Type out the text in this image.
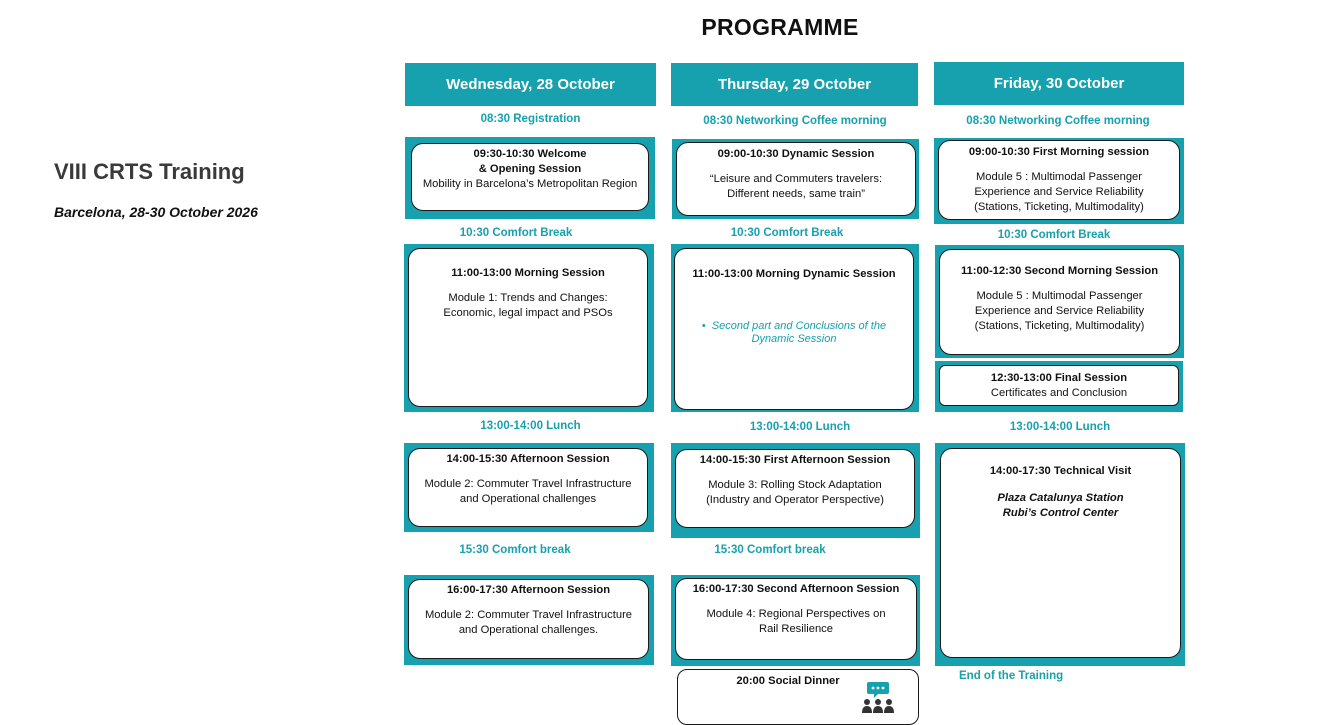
PROGRAMME
VIII CRTS Training
Barcelona, 28-30 October 2026
Wednesday, 28 October
08:30 Registration
09:30-10:30 Welcome
& Opening Session
Mobility in Barcelona’s Metropolitan Region
10:30 Comfort Break
11:00-13:00 Morning Session
Module 1: Trends and Changes:
Economic, legal impact and PSOs
13:00-14:00 Lunch
14:00-15:30 Afternoon Session
Module 2: Commuter Travel Infrastructure
and Operational challenges
15:30 Comfort break
16:00-17:30 Afternoon Session
Module 2: Commuter Travel Infrastructure
and Operational challenges.
Thursday, 29 October
08:30 Networking Coffee morning
09:00-10:30 Dynamic Session
“Leisure and Commuters travelers:
Different needs, same train”
10:30 Comfort Break
11:00-13:00 Morning Dynamic Session
• Second part and Conclusions of the
Dynamic Session
13:00-14:00 Lunch
14:00-15:30 First Afternoon Session
Module 3: Rolling Stock Adaptation
(Industry and Operator Perspective)
15:30 Comfort break
16:00-17:30 Second Afternoon Session
Module 4: Regional Perspectives on
Rail Resilience
20:00 Social Dinner
Friday, 30 October
08:30 Networking Coffee morning
09:00-10:30 First Morning session
Module 5 : Multimodal Passenger
Experience and Service Reliability
(Stations, Ticketing, Multimodality)
10:30 Comfort Break
11:00-12:30 Second Morning Session
Module 5 : Multimodal Passenger
Experience and Service Reliability
(Stations, Ticketing, Multimodality)
12:30-13:00 Final Session
Certificates and Conclusion
13:00-14:00 Lunch
14:00-17:30 Technical Visit
Plaza Catalunya Station
Rubi’s Control Center
End of the Training
